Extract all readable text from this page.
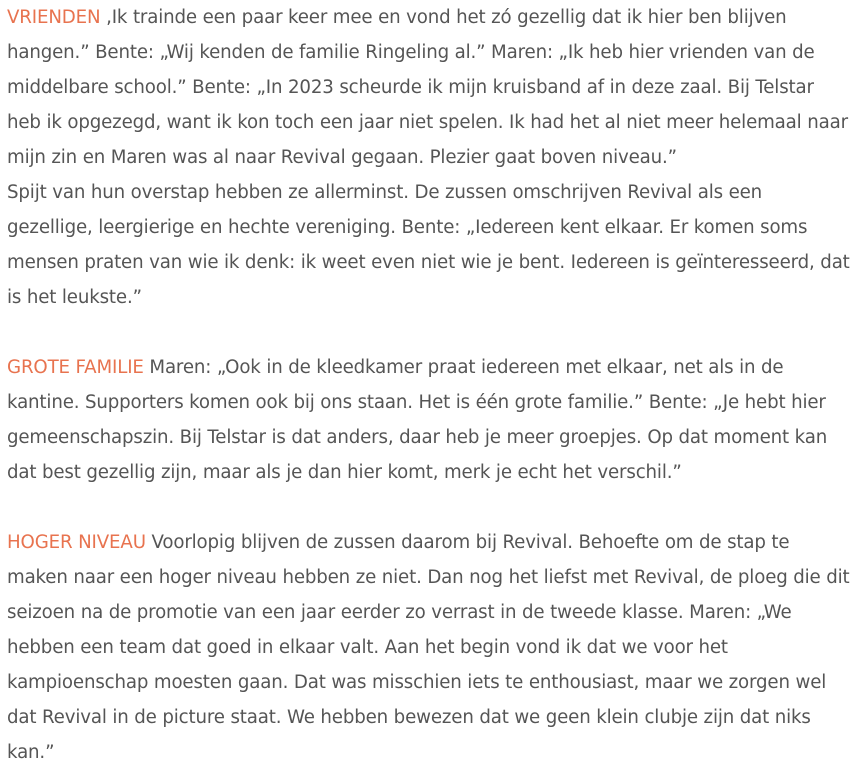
VRIENDEN ,Ik trainde een paar keer mee en vond het zó gezellig dat ik hier ben blijven hangen.” Bente: „Wij kenden de familie Ringeling al.” Maren: „Ik heb hier vrienden van de middelbare school.” Bente: „In 2023 scheurde ik mijn kruisband af in deze zaal. Bij Telstar heb ik opgezegd, want ik kon toch een jaar niet spelen. Ik had het al niet meer helemaal naar mijn zin en Maren was al naar Revival gegaan. Plezier gaat boven niveau.”

Spijt van hun overstap hebben ze allerminst. De zussen omschrijven Revival als een gezellige, leergierige en hechte vereniging. Bente: „Iedereen kent elkaar. Er komen soms mensen praten van wie ik denk: ik weet even niet wie je bent. Iedereen is geïnteresseerd, dat is het leukste.”

GROTE FAMILIE Maren: „Ook in de kleedkamer praat iedereen met elkaar, net als in de kantine. Supporters komen ook bij ons staan. Het is één grote familie.” Bente: „Je hebt hier gemeenschapszin. Bij Telstar is dat anders, daar heb je meer groepjes. Op dat moment kan dat best gezellig zijn, maar als je dan hier komt, merk je echt het verschil.”

HOGER NIVEAU Voorlopig blijven de zussen daarom bij Revival. Behoefte om de stap te maken naar een hoger niveau hebben ze niet. Dan nog het liefst met Revival, de ploeg die dit seizoen na de promotie van een jaar eerder zo verrast in de tweede klasse. Maren: „We hebben een team dat goed in elkaar valt. Aan het begin vond ik dat we voor het kampioenschap moesten gaan. Dat was misschien iets te enthousiast, maar we zorgen wel dat Revival in de picture staat. We hebben bewezen dat we geen klein clubje zijn dat niks kan.”
